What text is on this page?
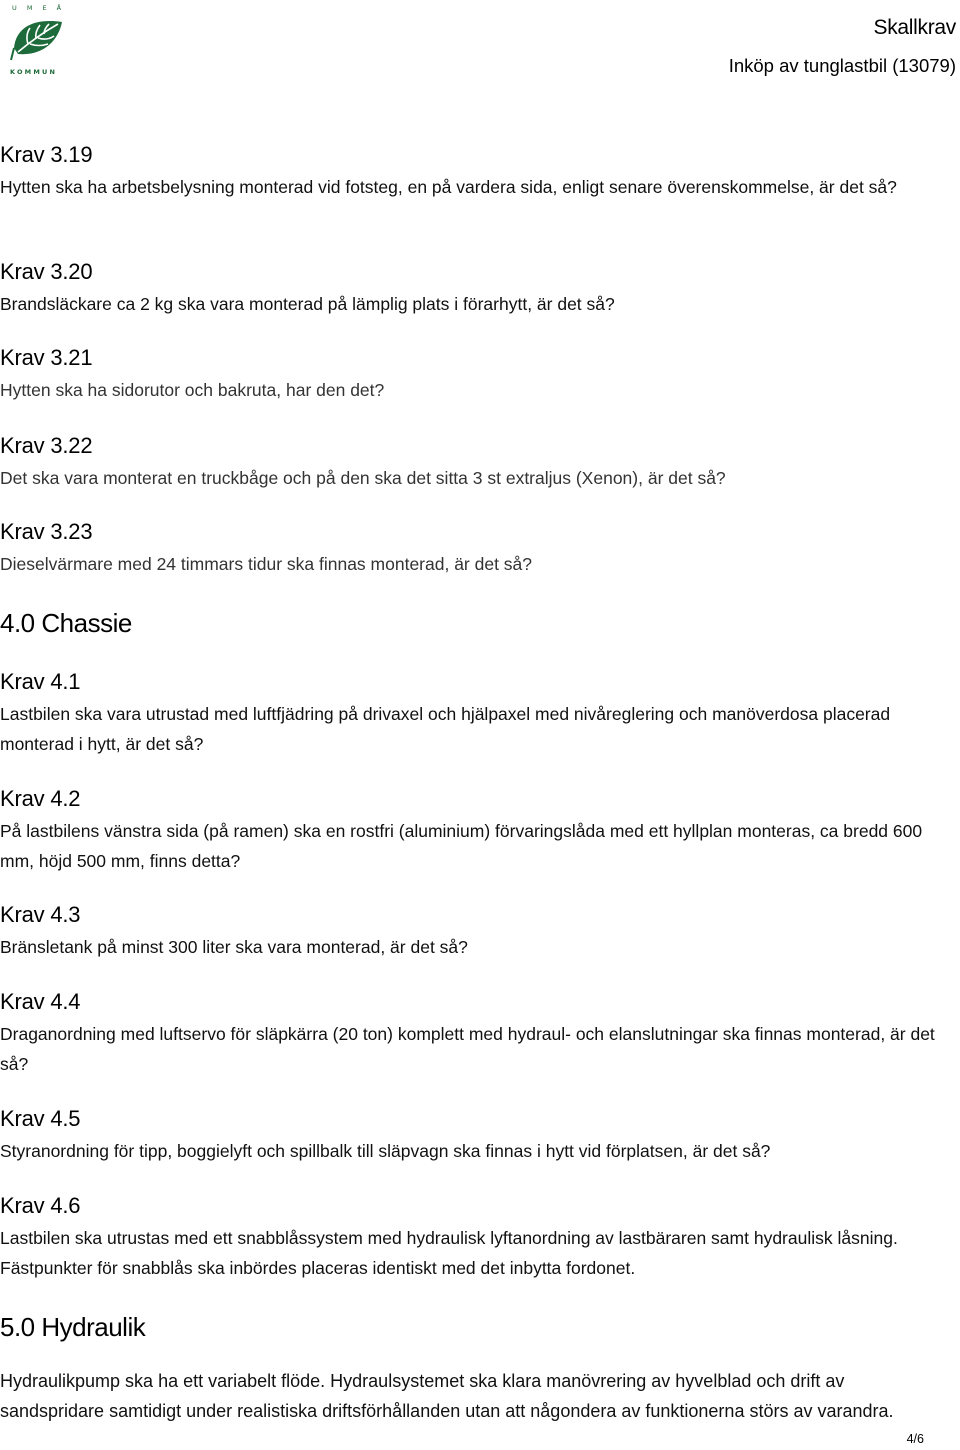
U M E Å
KOMMUN
Skallkrav
Inköp av tunglastbil (13079)
Krav 3.19
Hytten ska ha arbetsbelysning monterad vid fotsteg, en på vardera sida, enligt senare överenskommelse, är det så?
Krav 3.20
Brandsläckare ca 2 kg ska vara monterad på lämplig plats i förarhytt, är det så?
Krav 3.21
Hytten ska ha sidorutor och bakruta, har den det?
Krav 3.22
Det ska vara monterat en truckbåge och på den ska det sitta 3 st extraljus (Xenon), är det så?
Krav 3.23
Dieselvärmare med 24 timmars tidur ska finnas monterad, är det så?
4.0 Chassie
Krav 4.1
Lastbilen ska vara utrustad med luftfjädring på drivaxel och hjälpaxel med nivåreglering och manöverdosa placerad monterad i hytt, är det så?
Krav 4.2
På lastbilens vänstra sida (på ramen) ska en rostfri (aluminium) förvaringslåda med ett hyllplan monteras, ca bredd 600 mm, höjd 500 mm, finns detta?
Krav 4.3
Bränsletank på minst 300 liter ska vara monterad, är det så?
Krav 4.4
Draganordning med luftservo för släpkärra (20 ton) komplett med hydraul- och elanslutningar ska finnas monterad, är det så?
Krav 4.5
Styranordning för tipp, boggielyft och spillbalk till släpvagn ska finnas i hytt vid förplatsen, är det så?
Krav 4.6
Lastbilen ska utrustas med ett snabblåssystem med hydraulisk lyftanordning av lastbäraren samt hydraulisk låsning. Fästpunkter för snabblås ska inbördes placeras identiskt med det inbytta fordonet.
5.0 Hydraulik
Hydraulikpump ska ha ett variabelt flöde. Hydraulsystemet ska klara manövrering av hyvelblad och drift av sandspridare samtidigt under realistiska driftsförhållanden utan att någondera av funktionerna störs av varandra.
4/6
